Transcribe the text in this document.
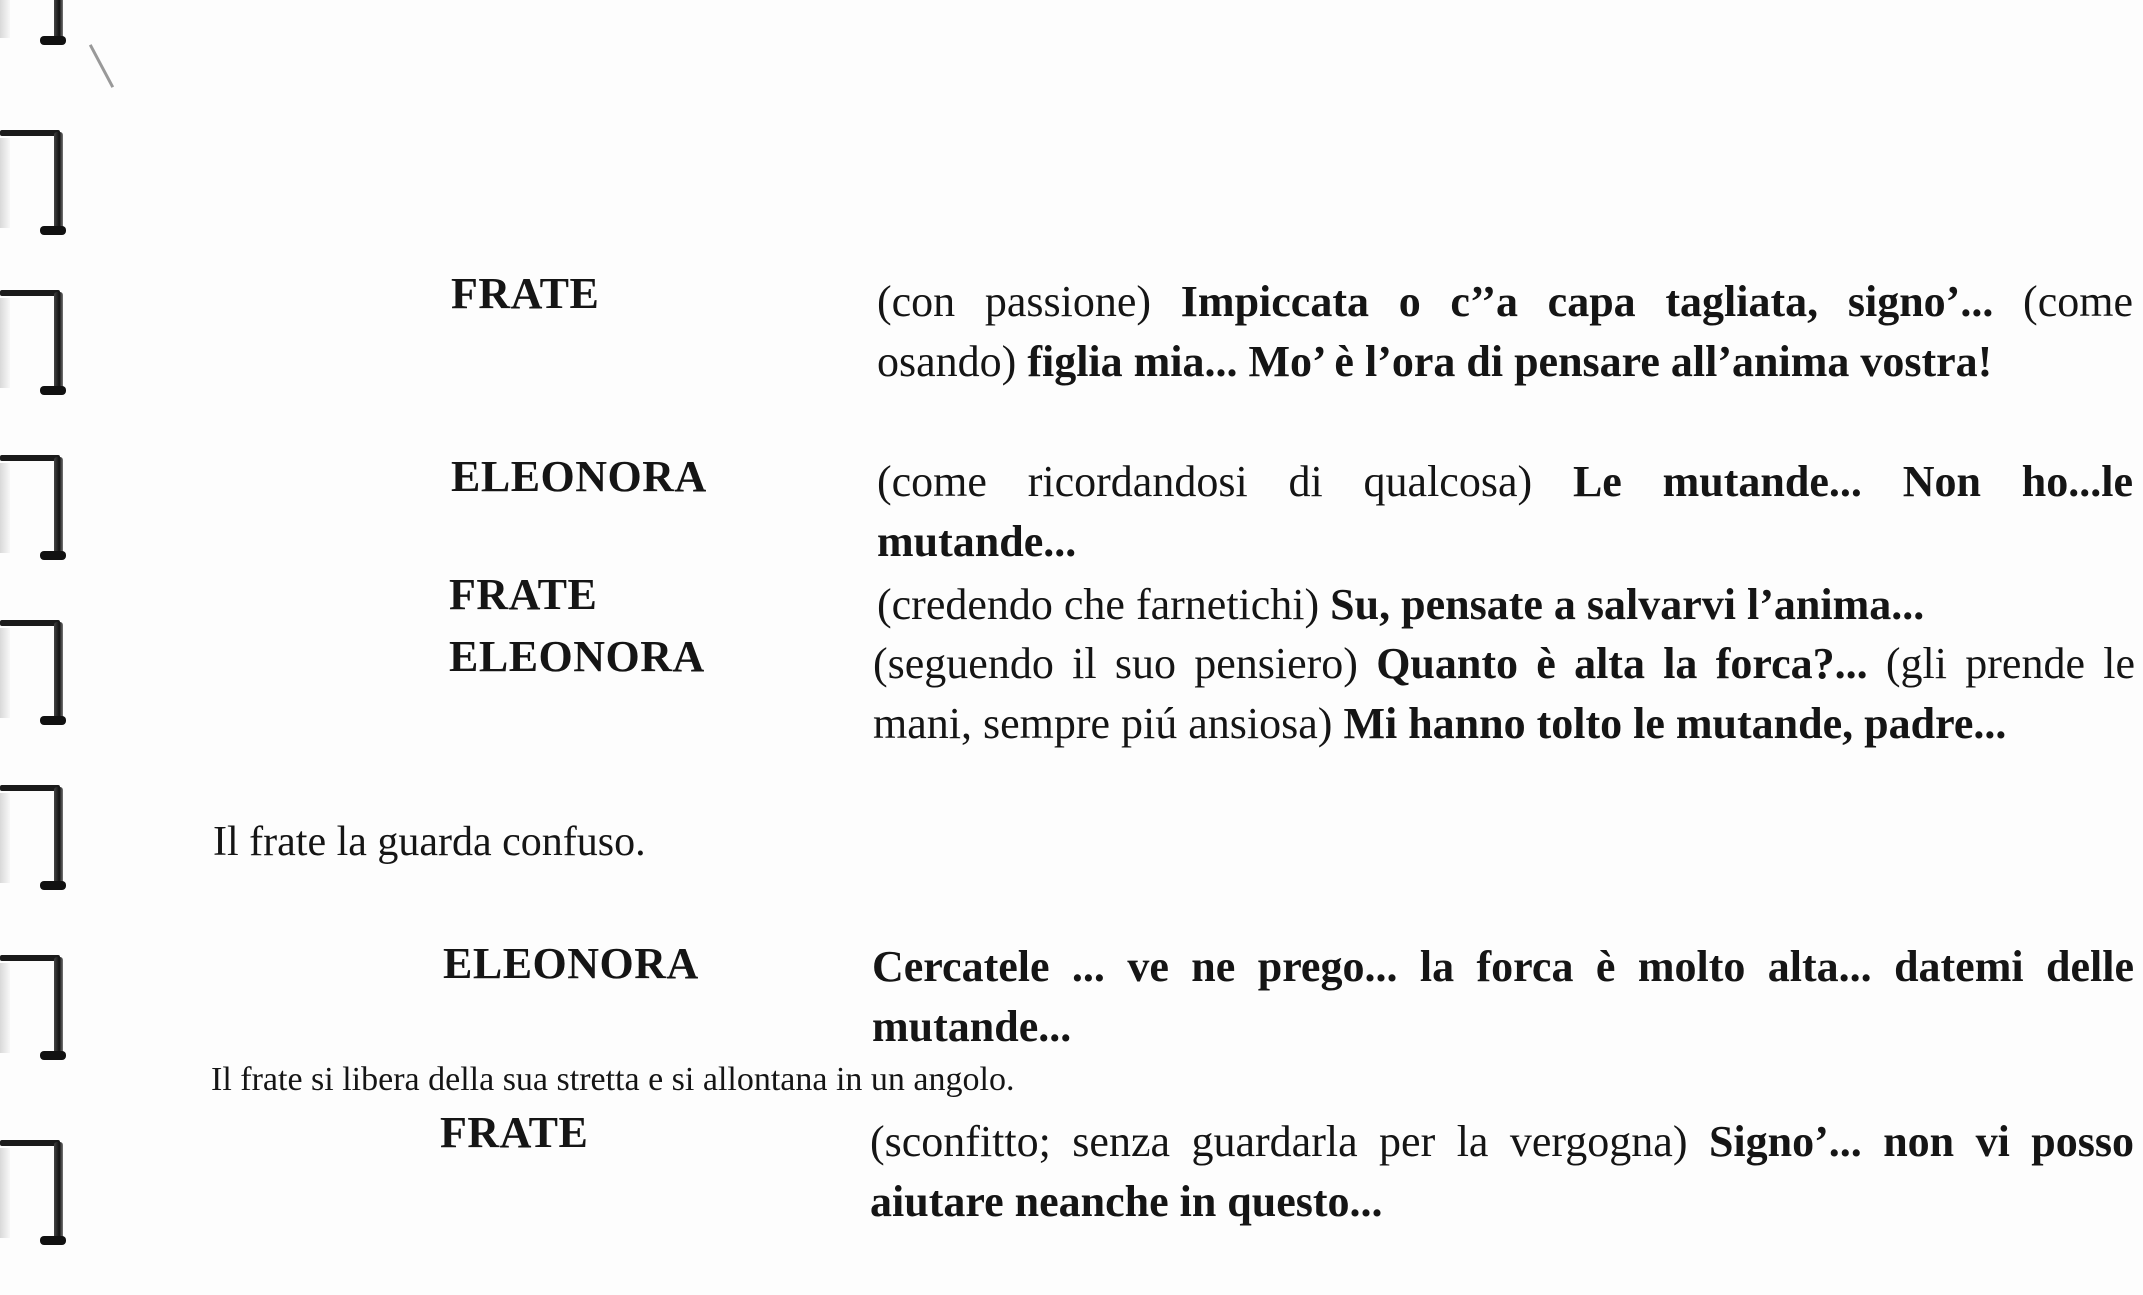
FRATE	(con passione) Impiccata o c’’a capa tagliata, signo’... (come osando) figlia mia... Mo’ è l’ora di pensare all’anima vostra!
ELEONORA	(come ricordandosi di qualcosa) Le mutande... Non ho...le mutande...
FRATE	(credendo che farnetichi) Su, pensate a salvarvi l’anima...
ELEONORA	(seguendo il suo pensiero) Quanto è alta la forca?... (gli prende le mani, sempre piú ansiosa) Mi hanno tolto le mutande, padre...
Il frate la guarda confuso.
ELEONORA	Cercatele ... ve ne prego... la forca è molto alta... datemi delle mutande...
Il frate si libera della sua stretta e si allontana in un angolo.
FRATE	(sconfitto; senza guardarla per la vergogna) Signo’... non vi posso aiutare neanche in questo...
